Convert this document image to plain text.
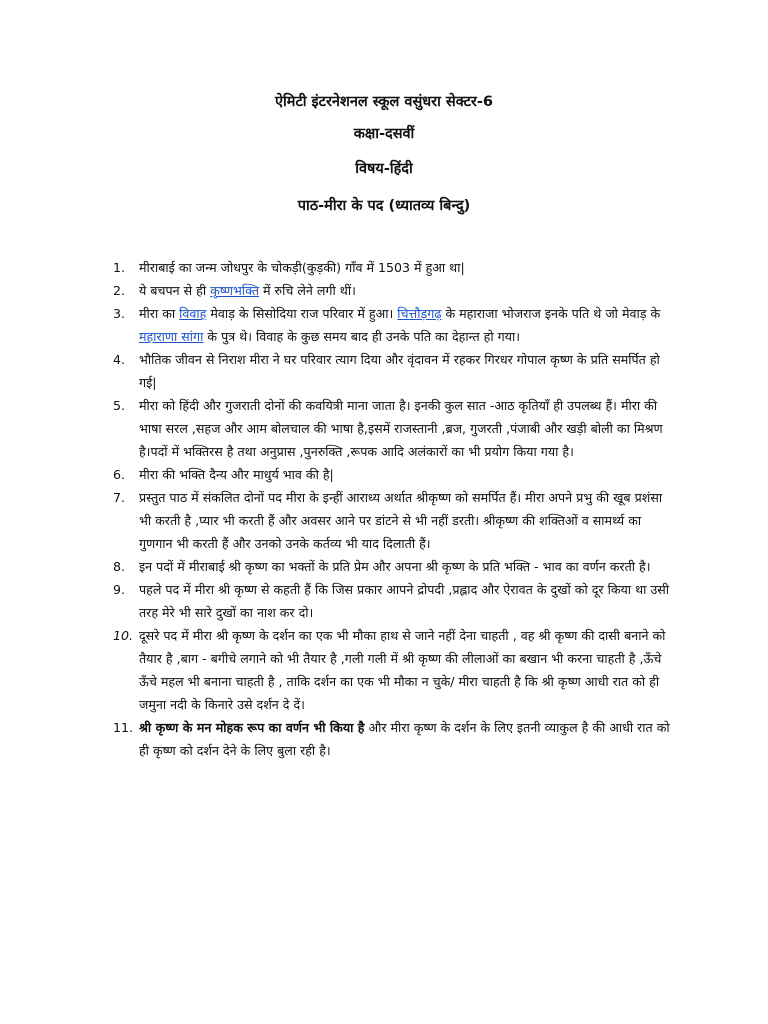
ऐमिटी इंटरनेशनल स्कूल वसुंधरा सेक्टर-6
कक्षा-दसवीं
विषय-हिंदी
पाठ-मीरा के पद (ध्यातव्य बिन्दु)
1. मीराबाई का जन्म जोधपुर के चोकड़ी(कुड़की) गाँव में 1503 में हुआ था|
2. ये बचपन से ही कृष्णभक्ति में रुचि लेने लगी थीं।
3. मीरा का विवाह मेवाड़ के सिसोदिया राज परिवार में हुआ। चित्तौड़गढ़ के महाराजा भोजराज इनके पति थे जो मेवाड़ के महाराणा सांगा के पुत्र थे। विवाह के कुछ समय बाद ही उनके पति का देहान्त हो गया।
4. भौतिक जीवन से निराश मीरा ने घर परिवार त्याग दिया और वृंदावन में रहकर गिरधर गोपाल कृष्ण के प्रति समर्पित हो गई|
5. मीरा को हिंदी और गुजराती दोनों की कवयित्री माना जाता है। इनकी कुल सात -आठ कृतियाँ ही उपलब्ध हैं। मीरा की भाषा सरल ,सहज और आम बोलचाल की भाषा है,इसमें राजस्तानी ,ब्रज, गुजरती ,पंजाबी और खड़ी बोली का मिश्रण है।पदों में भक्तिरस है तथा अनुप्रास ,पुनरुक्ति ,रूपक आदि अलंकारों का भी प्रयोग किया गया है।
6. मीरा की भक्ति दैन्य और माधुर्य भाव की है|
7. प्रस्तुत पाठ में संकलित दोनों पद मीरा के इन्हीं आराध्य अर्थात श्रीकृष्ण को समर्पित हैं। मीरा अपने प्रभु की खूब प्रशंसा भी करती है ,प्यार भी करती हैं और अवसर आने पर डांटने से भी नहीं डरती। श्रीकृष्ण की शक्तिओं व सामर्थ्य का गुणगान भी करती हैं और उनको उनके कर्तव्य भी याद दिलाती हैं।
8. इन पदों में मीराबाई श्री कृष्ण का भक्तों के प्रति प्रेम और अपना श्री कृष्ण के प्रति भक्ति - भाव का वर्णन करती है।
9. पहले पद में मीरा श्री कृष्ण से कहती हैं कि जिस प्रकार आपने द्रोपदी ,प्रह्लाद और ऐरावत के दुखों को दूर किया था उसी तरह मेरे भी सारे दुखों का नाश कर दो।
10. दूसरे पद में मीरा श्री कृष्ण के दर्शन का एक भी मौका हाथ से जाने नहीं देना चाहती , वह श्री कृष्ण की दासी बनाने को तैयार है ,बाग - बगीचे लगाने को भी तैयार है ,गली गली में श्री कृष्ण की लीलाओं का बखान भी करना चाहती है ,ऊँचे ऊँचे महल भी बनाना चाहती है , ताकि दर्शन का एक भी मौका न चुके/ मीरा चाहती है कि श्री कृष्ण आधी रात को ही जमुना नदी के किनारे उसे दर्शन दे दें।
11. श्री कृष्ण के मन मोहक रूप का वर्णन भी किया है और मीरा कृष्ण के दर्शन के लिए इतनी व्याकुल है की आधी रात को ही कृष्ण को दर्शन देने के लिए बुला रही है।
